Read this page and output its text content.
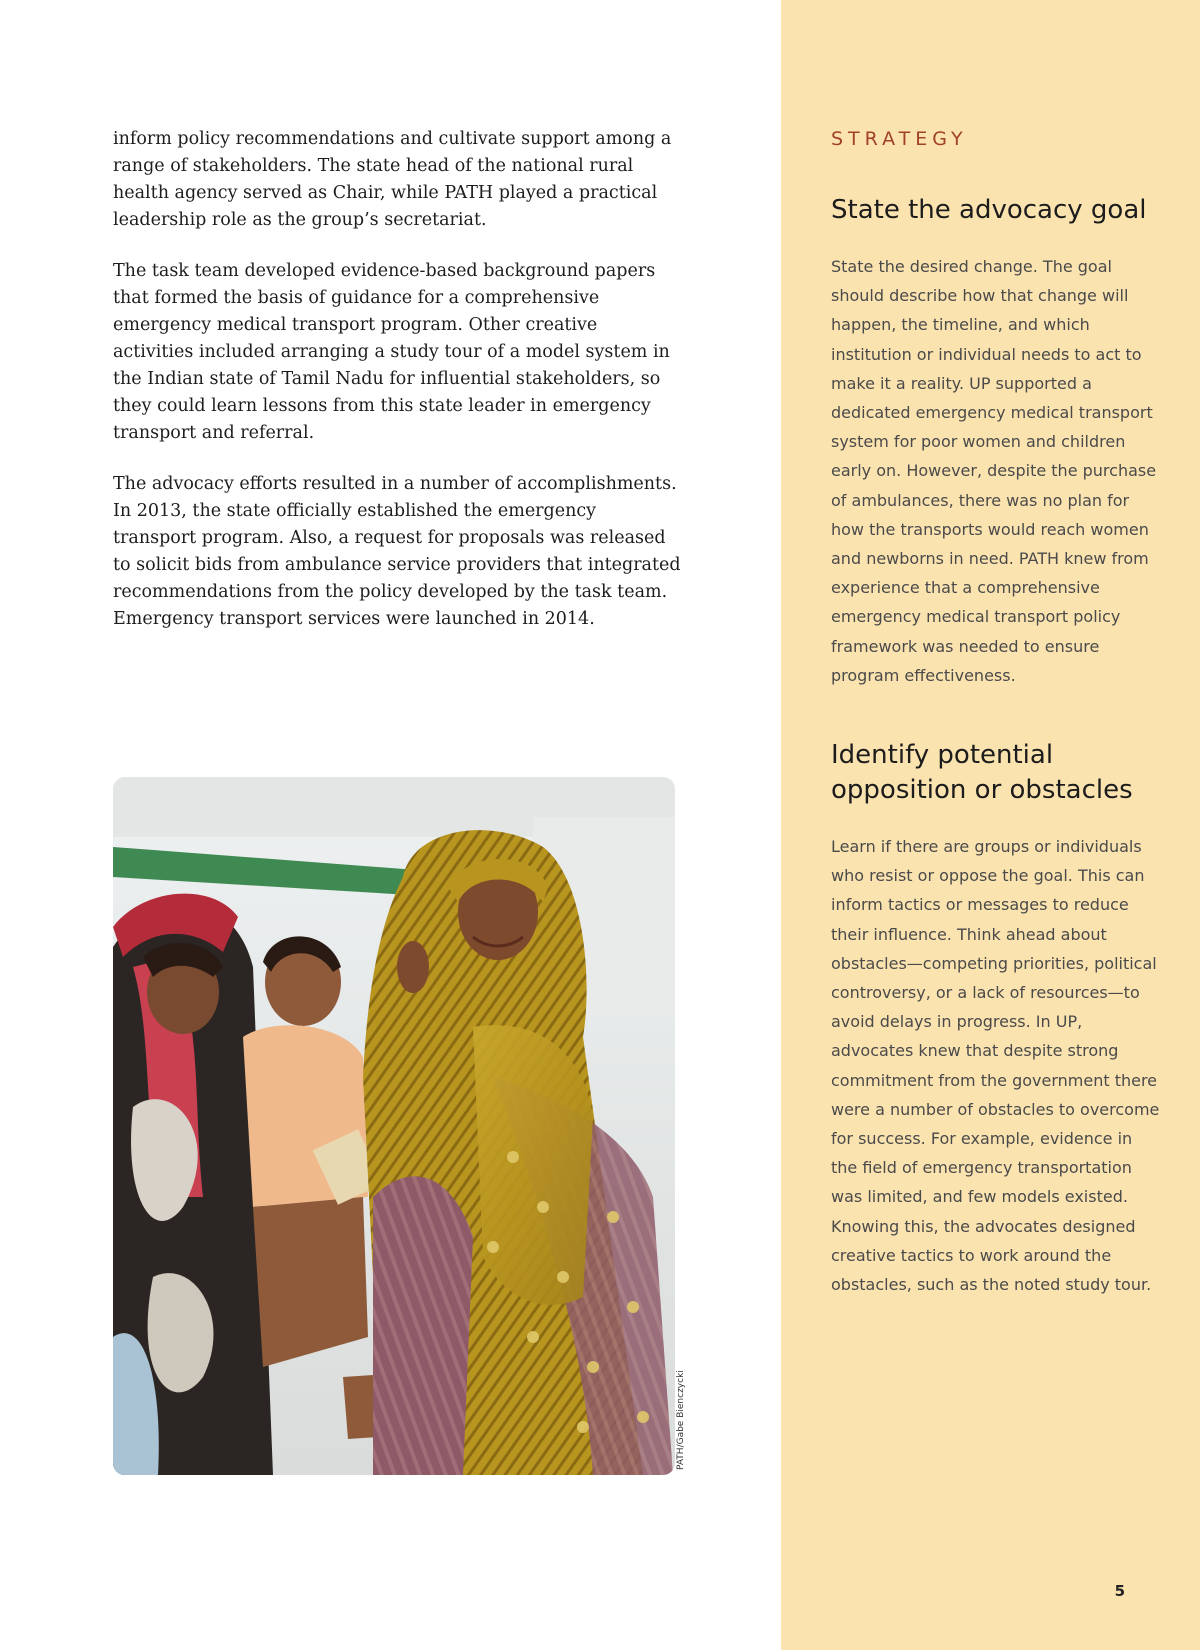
inform policy recommendations and cultivate support among a range of stakeholders. The state head of the national rural health agency served as Chair, while PATH played a practical leadership role as the group’s secretariat.

The task team developed evidence-based background papers that formed the basis of guidance for a comprehensive emergency medical transport program. Other creative activities included arranging a study tour of a model system in the Indian state of Tamil Nadu for influential stakeholders, so they could learn lessons from this state leader in emergency transport and referral.

The advocacy efforts resulted in a number of accomplishments. In 2013, the state officially established the emergency transport program. Also, a request for proposals was released to solicit bids from ambulance service providers that integrated recommendations from the policy developed by the task team. Emergency transport services were launched in 2014.

PATH/Gabe Bienczycki

STRATEGY

State the advocacy goal

State the desired change. The goal should describe how that change will happen, the timeline, and which institution or individual needs to act to make it a reality. UP supported a dedicated emergency medical transport system for poor women and children early on. However, despite the purchase of ambulances, there was no plan for how the transports would reach women and newborns in need. PATH knew from experience that a comprehensive emergency medical transport policy framework was needed to ensure program effectiveness.

Identify potential opposition or obstacles

Learn if there are groups or individuals who resist or oppose the goal. This can inform tactics or messages to reduce their influence. Think ahead about obstacles—competing priorities, political controversy, or a lack of resources—to avoid delays in progress. In UP, advocates knew that despite strong commitment from the government there were a number of obstacles to overcome for success. For example, evidence in the field of emergency transportation was limited, and few models existed. Knowing this, the advocates designed creative tactics to work around the obstacles, such as the noted study tour.

5
